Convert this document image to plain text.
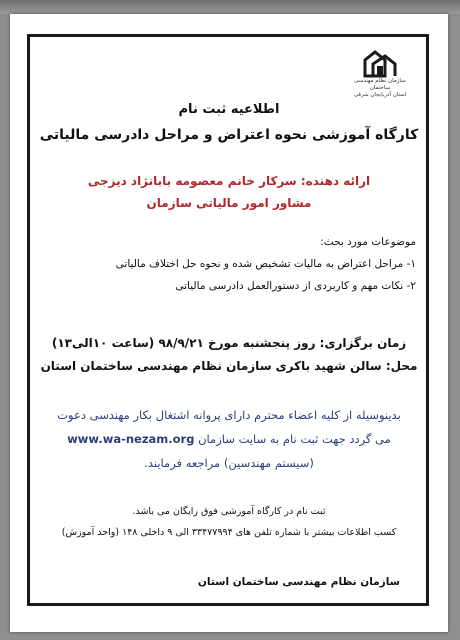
سازمان نظام مهندسی ساختمان
استان آذربایجان شرقی
اطلاعیه ثبت نام
کارگاه آموزشی نحوه اعتراض و مراحل دادرسی مالیاتی
ارائه دهنده: سرکار خانم معصومه بابانژاد دیزجی
مشاور امور مالیاتی سازمان
موضوعات مورد بحث:
۱- مراحل اعتراض به مالیات تشخیص شده و نحوه حل اختلاف مالیاتی
۲- نکات مهم و کاربردی از دستورالعمل دادرسی مالیاتی
زمان برگزاری: روز پنجشنبه مورخ ۹۸/۹/۲۱ (ساعت ۱۰الی۱۳)
محل: سالن شهید باکری سازمان نظام مهندسی ساختمان استان
بدینوسیله از کلیه اعضاء محترم دارای پروانه اشتغال بکار مهندسی دعوت
می گردد جهت ثبت نام به سایت سازمان www.wa-nezam.org
(سیستم مهندسین) مراجعه فرمایند.
ثبت نام در کارگاه آموزشی فوق رایگان می باشد.
کسب اطلاعات بیشتر با شماره تلفن های ۳۳۴۷۷۹۹۴ الی ۹ داخلی ۱۴۸ (واحد آموزش)
سازمان نظام مهندسی ساختمان استان
